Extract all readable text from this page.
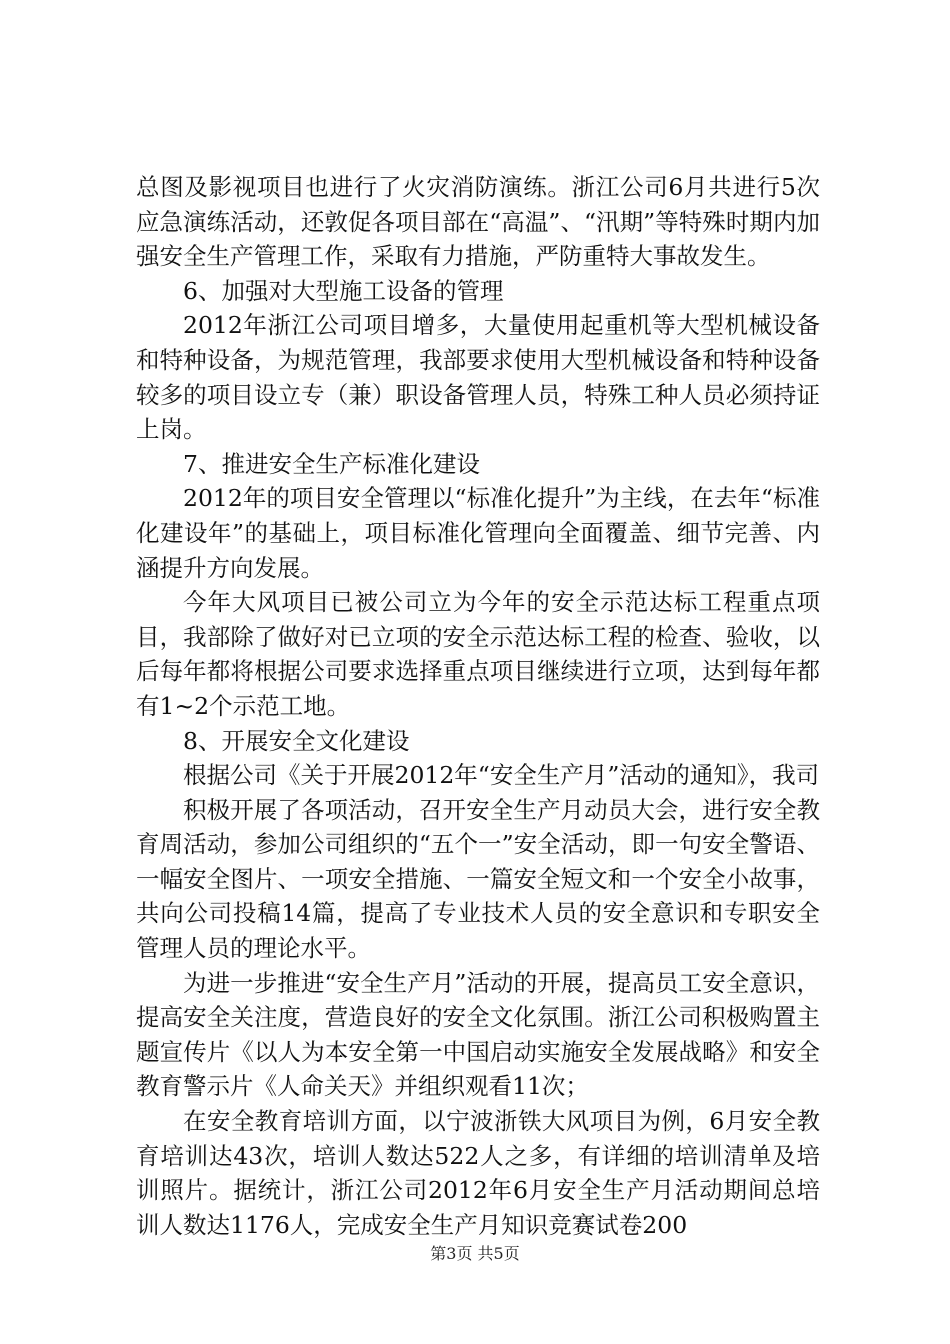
总图及影视项目也进行了火灾消防演练。浙江公司6月共进行5次应急演练活动，还敦促各项目部在“高温”、“汛期”等特殊时期内加强安全生产管理工作，采取有力措施，严防重特大事故发生。

6、加强对大型施工设备的管理

2012年浙江公司项目增多，大量使用起重机等大型机械设备和特种设备，为规范管理，我部要求使用大型机械设备和特种设备较多的项目设立专（兼）职设备管理人员，特殊工种人员必须持证上岗。

7、推进安全生产标准化建设

2012年的项目安全管理以“标准化提升”为主线，在去年“标准化建设年”的基础上，项目标准化管理向全面覆盖、细节完善、内涵提升方向发展。

今年大风项目已被公司立为今年的安全示范达标工程重点项目，我部除了做好对已立项的安全示范达标工程的检查、验收，以后每年都将根据公司要求选择重点项目继续进行立项，达到每年都有1~2个示范工地。

8、开展安全文化建设

根据公司《关于开展2012年“安全生产月”活动的通知》，我司

积极开展了各项活动，召开安全生产月动员大会，进行安全教育周活动，参加公司组织的“五个一”安全活动，即一句安全警语、一幅安全图片、一项安全措施、一篇安全短文和一个安全小故事，共向公司投稿14篇，提高了专业技术人员的安全意识和专职安全管理人员的理论水平。

为进一步推进“安全生产月”活动的开展，提高员工安全意识，提高安全关注度，营造良好的安全文化氛围。浙江公司积极购置主题宣传片《以人为本安全第一中国启动实施安全发展战略》和安全教育警示片《人命关天》并组织观看11次；

在安全教育培训方面，以宁波浙铁大风项目为例，6月安全教育培训达43次，培训人数达522人之多，有详细的培训清单及培训照片。据统计，浙江公司2012年6月安全生产月活动期间总培训人数达1176人，完成安全生产月知识竞赛试卷200

第3页 共5页
